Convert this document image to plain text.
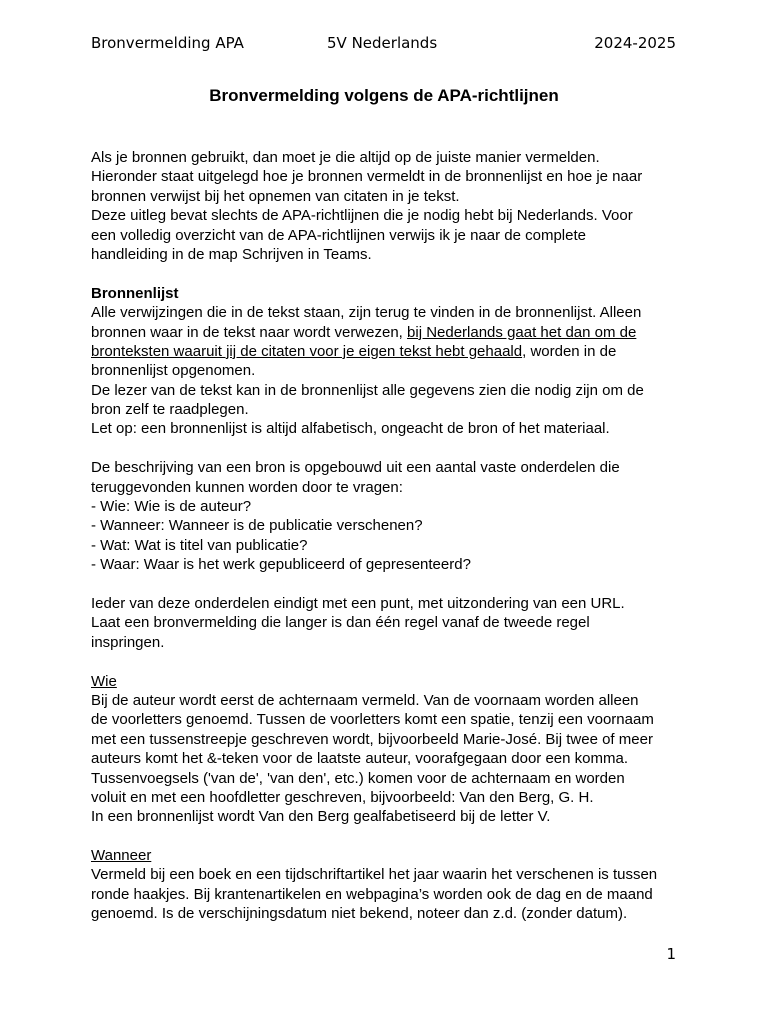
Bronvermelding APA	5V Nederlands	2024-2025
Bronvermelding volgens de APA-richtlijnen
Als je bronnen gebruikt, dan moet je die altijd op de juiste manier vermelden.
Hieronder staat uitgelegd hoe je bronnen vermeldt in de bronnenlijst en hoe je naar
bronnen verwijst bij het opnemen van citaten in je tekst.
Deze uitleg bevat slechts de APA-richtlijnen die je nodig hebt bij Nederlands. Voor
een volledig overzicht van de APA-richtlijnen verwijs ik je naar de complete
handleiding in de map Schrijven in Teams.
Bronnenlijst
Alle verwijzingen die in de tekst staan, zijn terug te vinden in de bronnenlijst. Alleen
bronnen waar in de tekst naar wordt verwezen, bij Nederlands gaat het dan om de
bronteksten waaruit jij de citaten voor je eigen tekst hebt gehaald, worden in de
bronnenlijst opgenomen.
De lezer van de tekst kan in de bronnenlijst alle gegevens zien die nodig zijn om de
bron zelf te raadplegen.
Let op: een bronnenlijst is altijd alfabetisch, ongeacht de bron of het materiaal.
De beschrijving van een bron is opgebouwd uit een aantal vaste onderdelen die
teruggevonden kunnen worden door te vragen:
- Wie: Wie is de auteur?
- Wanneer: Wanneer is de publicatie verschenen?
- Wat: Wat is titel van publicatie?
- Waar: Waar is het werk gepubliceerd of gepresenteerd?
Ieder van deze onderdelen eindigt met een punt, met uitzondering van een URL.
Laat een bronvermelding die langer is dan één regel vanaf de tweede regel
inspringen.
Wie
Bij de auteur wordt eerst de achternaam vermeld. Van de voornaam worden alleen
de voorletters genoemd. Tussen de voorletters komt een spatie, tenzij een voornaam
met een tussenstreepje geschreven wordt, bijvoorbeeld Marie-José. Bij twee of meer
auteurs komt het &-teken voor de laatste auteur, voorafgegaan door een komma.
Tussenvoegsels ('van de', 'van den', etc.) komen voor de achternaam en worden
voluit en met een hoofdletter geschreven, bijvoorbeeld: Van den Berg, G. H.
In een bronnenlijst wordt Van den Berg gealfabetiseerd bij de letter V.
Wanneer
Vermeld bij een boek en een tijdschriftartikel het jaar waarin het verschenen is tussen
ronde haakjes. Bij krantenartikelen en webpagina’s worden ook de dag en de maand
genoemd. Is de verschijningsdatum niet bekend, noteer dan z.d. (zonder datum).
1
